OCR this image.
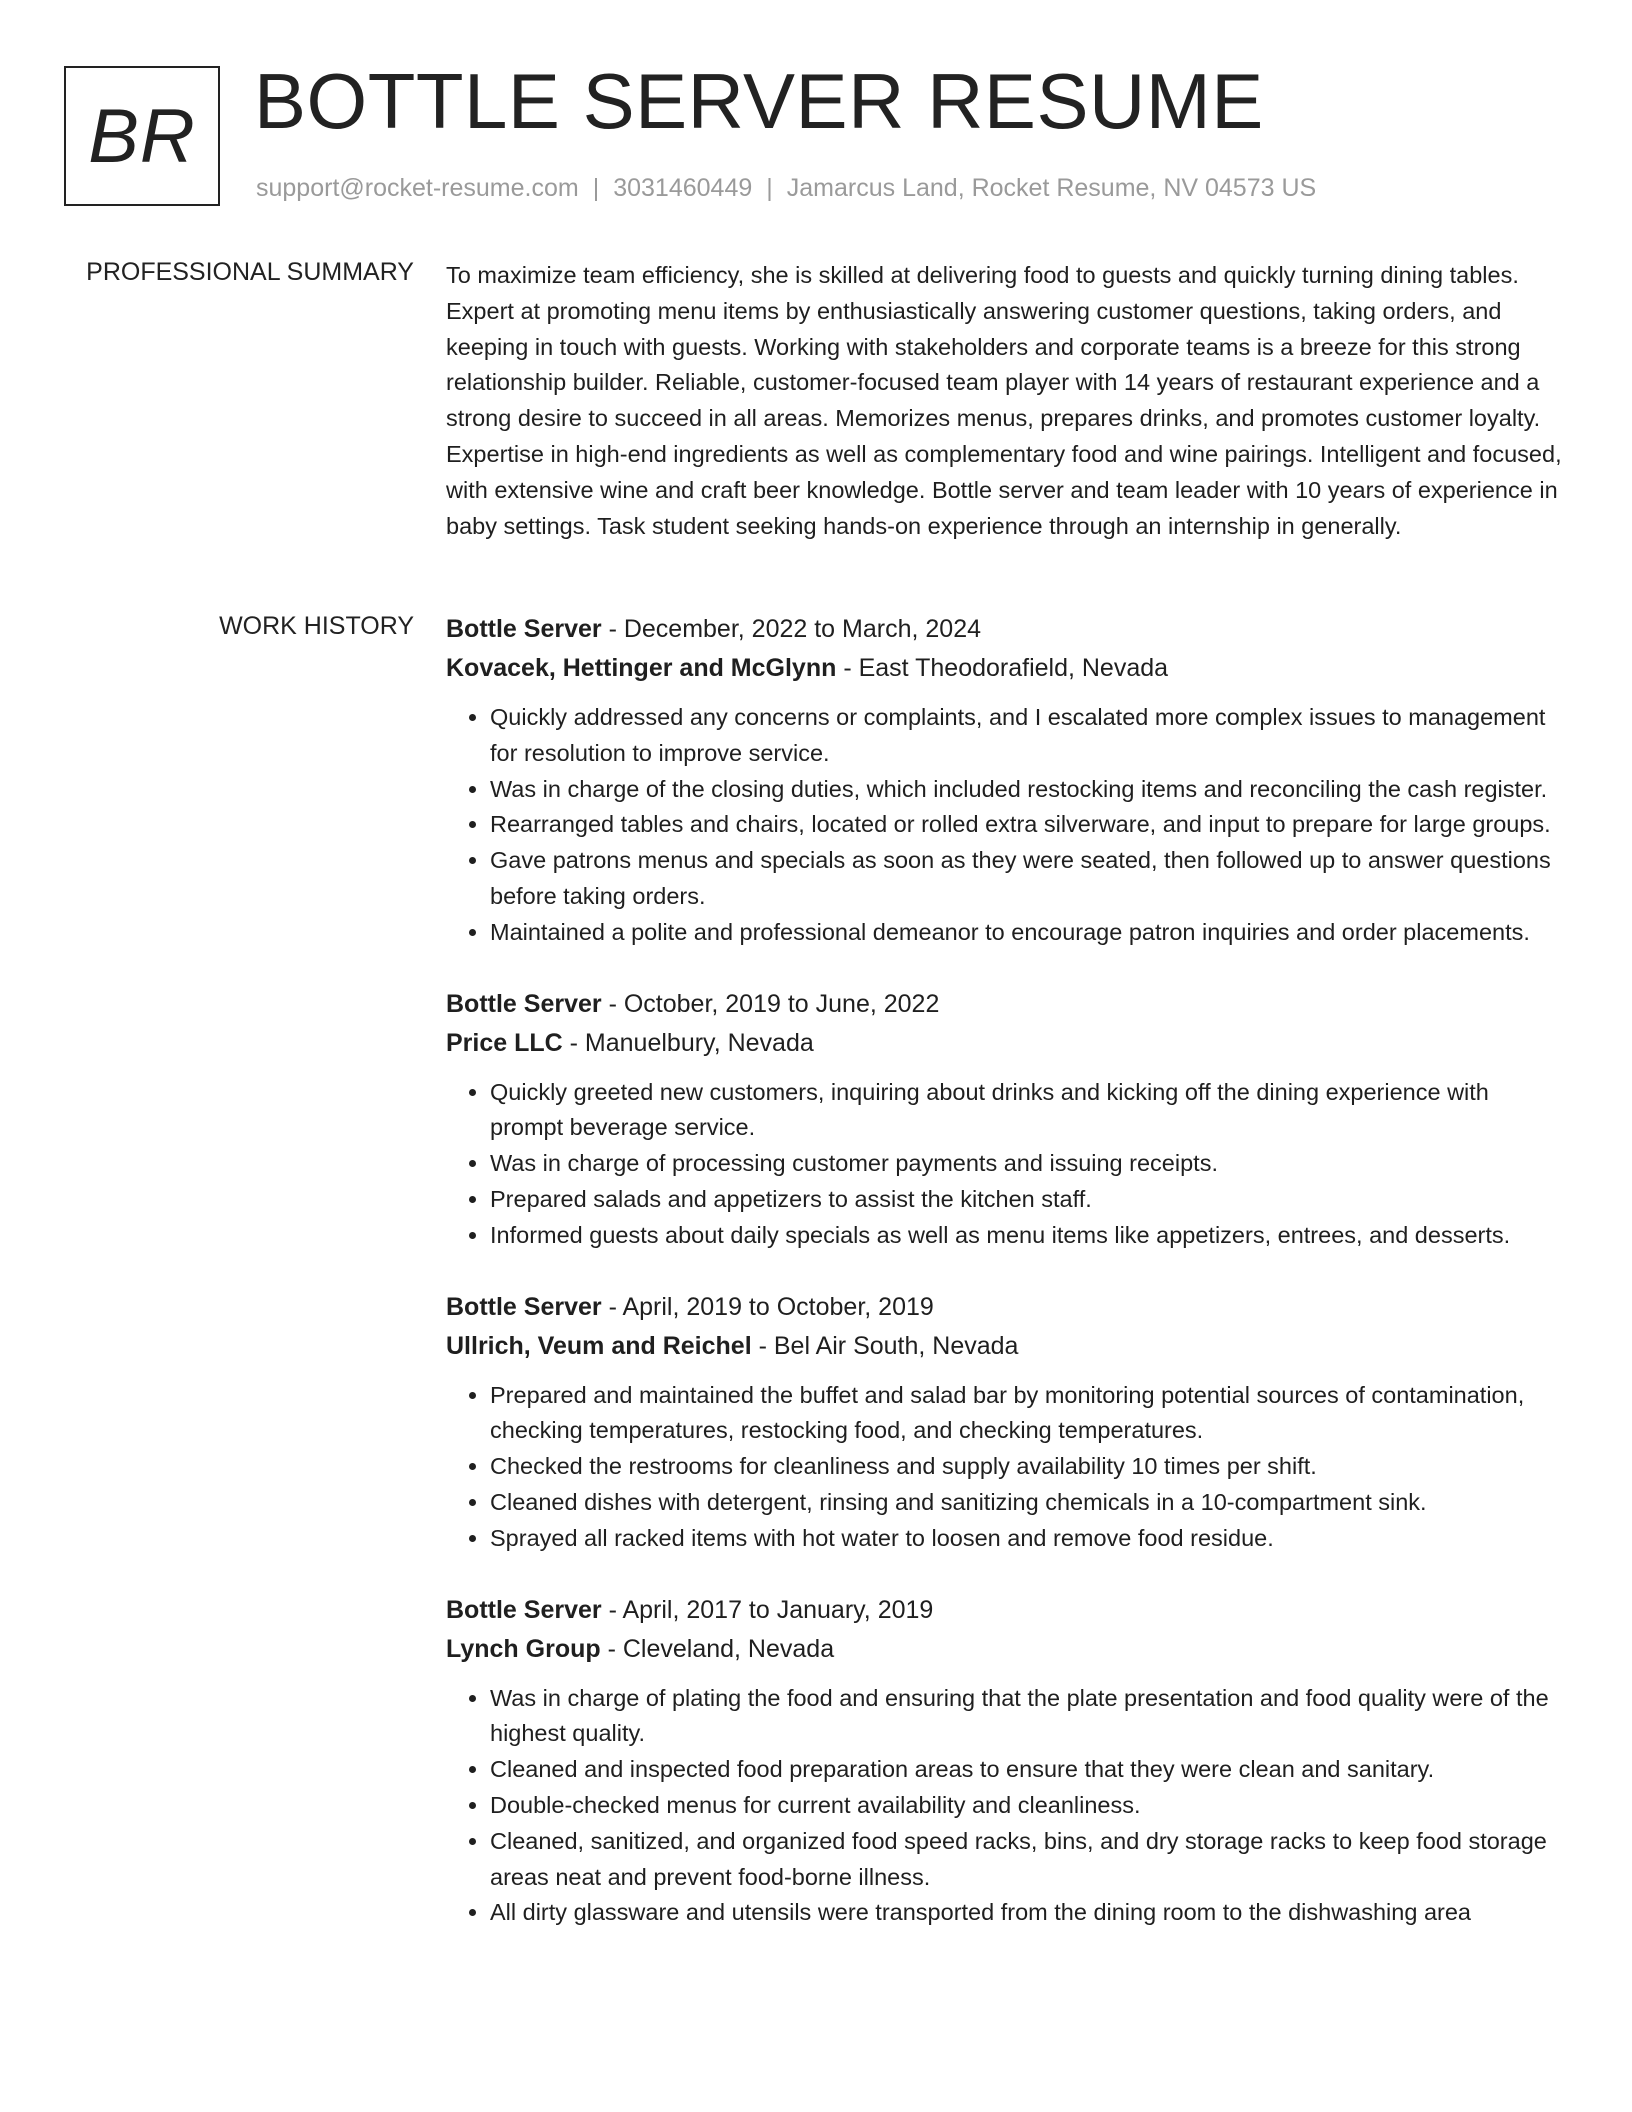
BR BOTTLE SERVER RESUME
support@rocket-resume.com | 3031460449 | Jamarcus Land, Rocket Resume, NV 04573 US
PROFESSIONAL SUMMARY To maximize team efficiency, she is skilled at delivering food to guests and quickly turning dining tables. Expert at promoting menu items by enthusiastically answering customer questions, taking orders, and keeping in touch with guests. Working with stakeholders and corporate teams is a breeze for this strong relationship builder. Reliable, customer-focused team player with 14 years of restaurant experience and a strong desire to succeed in all areas. Memorizes menus, prepares drinks, and promotes customer loyalty. Expertise in high-end ingredients as well as complementary food and wine pairings. Intelligent and focused, with extensive wine and craft beer knowledge. Bottle server and team leader with 10 years of experience in baby settings. Task student seeking hands-on experience through an internship in generally.

WORK HISTORY Bottle Server - December, 2022 to March, 2024
Kovacek, Hettinger and McGlynn - East Theodorafield, Nevada
• Quickly addressed any concerns or complaints, and I escalated more complex issues to management for resolution to improve service.
• Was in charge of the closing duties, which included restocking items and reconciling the cash register.
• Rearranged tables and chairs, located or rolled extra silverware, and input to prepare for large groups.
• Gave patrons menus and specials as soon as they were seated, then followed up to answer questions before taking orders.
• Maintained a polite and professional demeanor to encourage patron inquiries and order placements.
Bottle Server - October, 2019 to June, 2022
Price LLC - Manuelbury, Nevada
• Quickly greeted new customers, inquiring about drinks and kicking off the dining experience with prompt beverage service.
• Was in charge of processing customer payments and issuing receipts.
• Prepared salads and appetizers to assist the kitchen staff.
• Informed guests about daily specials as well as menu items like appetizers, entrees, and desserts.
Bottle Server - April, 2019 to October, 2019
Ullrich, Veum and Reichel - Bel Air South, Nevada
• Prepared and maintained the buffet and salad bar by monitoring potential sources of contamination, checking temperatures, restocking food, and checking temperatures.
• Checked the restrooms for cleanliness and supply availability 10 times per shift.
• Cleaned dishes with detergent, rinsing and sanitizing chemicals in a 10-compartment sink.
• Sprayed all racked items with hot water to loosen and remove food residue.
Bottle Server - April, 2017 to January, 2019
Lynch Group - Cleveland, Nevada
• Was in charge of plating the food and ensuring that the plate presentation and food quality were of the highest quality.
• Cleaned and inspected food preparation areas to ensure that they were clean and sanitary.
• Double-checked menus for current availability and cleanliness.
• Cleaned, sanitized, and organized food speed racks, bins, and dry storage racks to keep food storage areas neat and prevent food-borne illness.
• All dirty glassware and utensils were transported from the dining room to the dishwashing area
